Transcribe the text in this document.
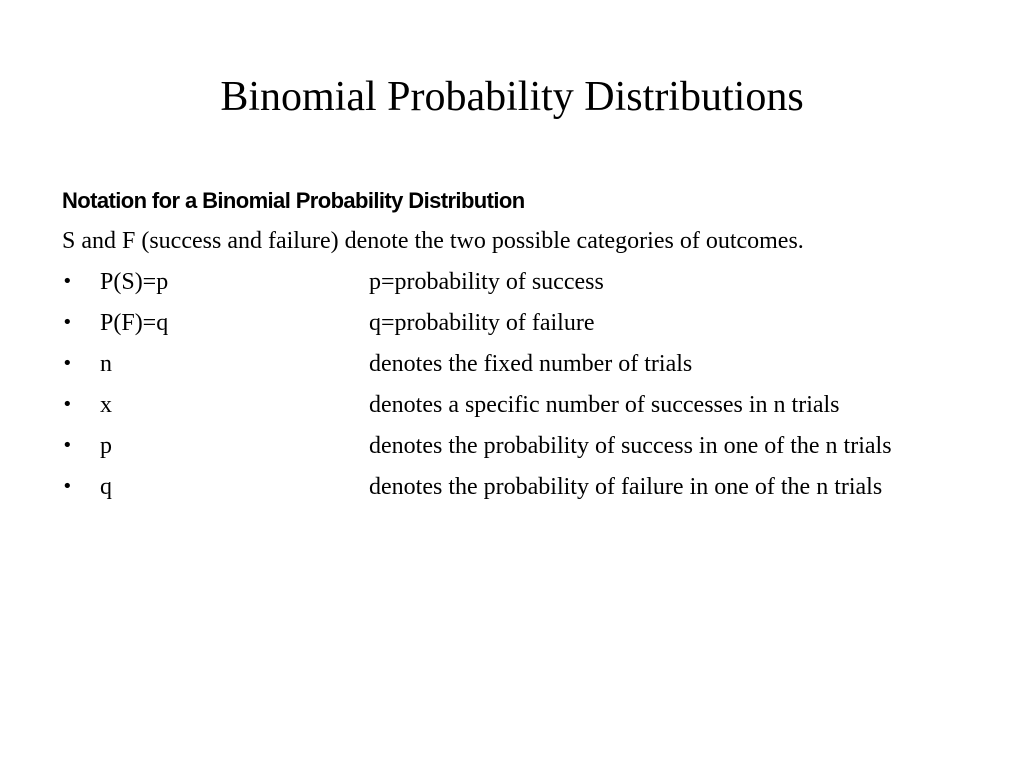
Binomial Probability Distributions
Notation for a Binomial Probability Distribution
S and F (success and failure) denote the two possible categories of outcomes.
•	P(S)=p	p=probability of success
•	P(F)=q	q=probability of failure
•	n	denotes the fixed number of trials
•	x	denotes a specific number of successes in n trials
•	p	denotes the probability of success in one of the n trials
•	q	denotes the probability of failure in one of the n trials
